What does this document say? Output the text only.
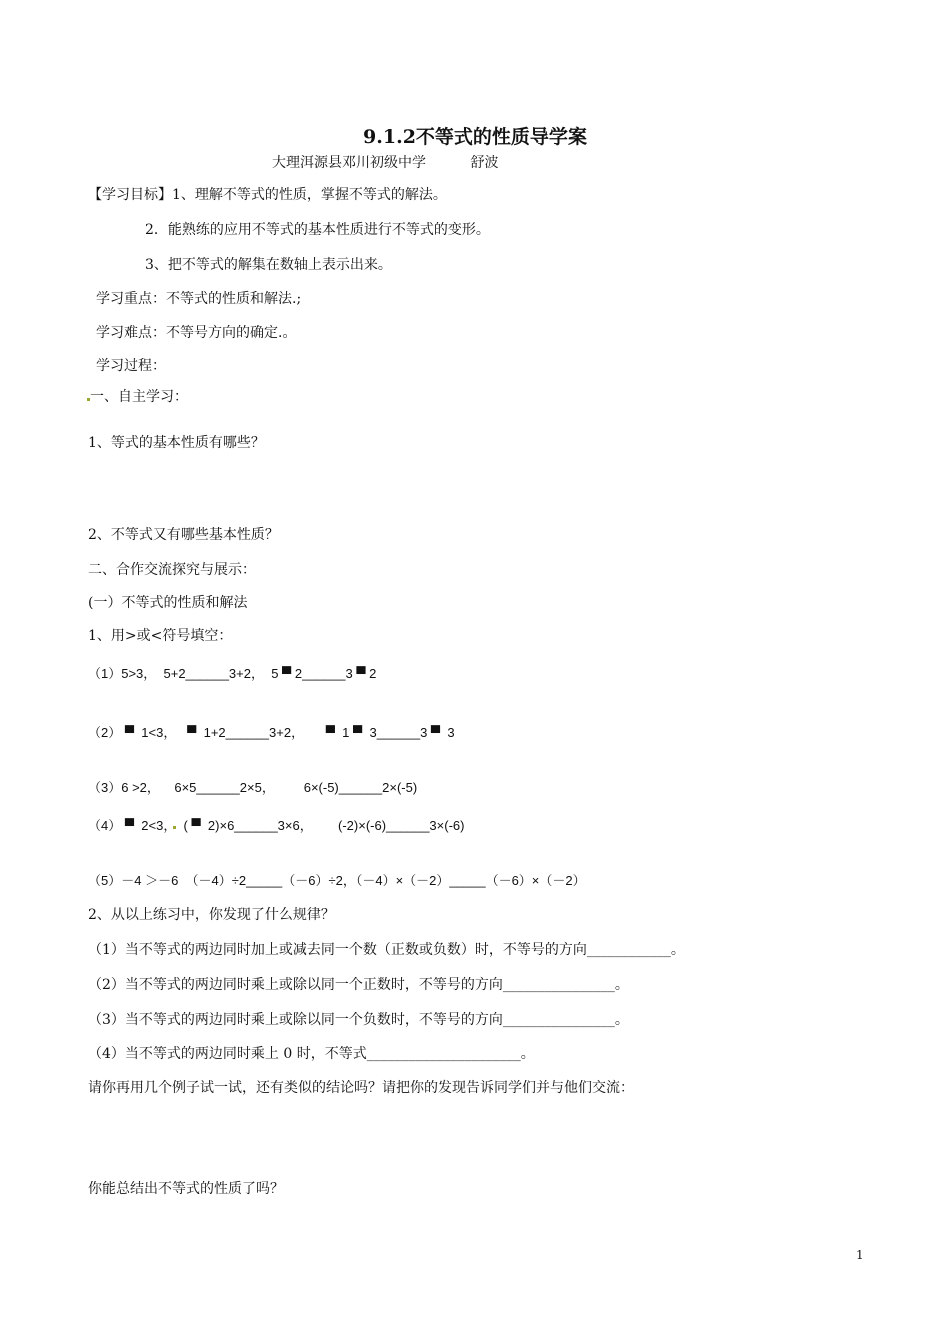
9.1.2不等式的性质导学案
大理洱源县邓川初级中学          舒波
【学习目标】1、理解不等式的性质，掌握不等式的解法。
2．能熟练的应用不等式的基本性质进行不等式的变形。
3、把不等式的解集在数轴上表示出来。
学习重点：不等式的性质和解法.;
学习难点：不等号方向的确定.。
学习过程：
一、自主学习：
1、等式的基本性质有哪些？
2、不等式又有哪些基本性质？
二、合作交流探究与展示：
(一）不等式的性质和解法
1、用>或<符号填空：
（1）5>3，  5+2______3+2，  5 ▀ 2______3 ▀ 2
（2） ▀  1<3，   ▀  1+2______3+2，      ▀  1 ▀  3______3 ▀  3
（3）6 >2，    6×5______2×5，        6×(-5)______2×(-5)
（4） ▀  2<3，  ( ▀  2)×6______3×6，       (-2)×(-6)______3×(-6)
（5）－4 ＞－6  （－4）÷2_____（－6）÷2，（－4）×（－2）_____（－6）×（－2）
2、从以上练习中，你发现了什么规律？
（1）当不等式的两边同时加上或减去同一个数（正数或负数）时，不等号的方向____________。
（2）当不等式的两边同时乘上或除以同一个正数时，不等号的方向________________。
（3）当不等式的两边同时乘上或除以同一个负数时，不等号的方向________________。
（4）当不等式的两边同时乘上 0 时，不等式______________________。
请你再用几个例子试一试，还有类似的结论吗？请把你的发现告诉同学们并与他们交流：
你能总结出不等式的性质了吗？
1
